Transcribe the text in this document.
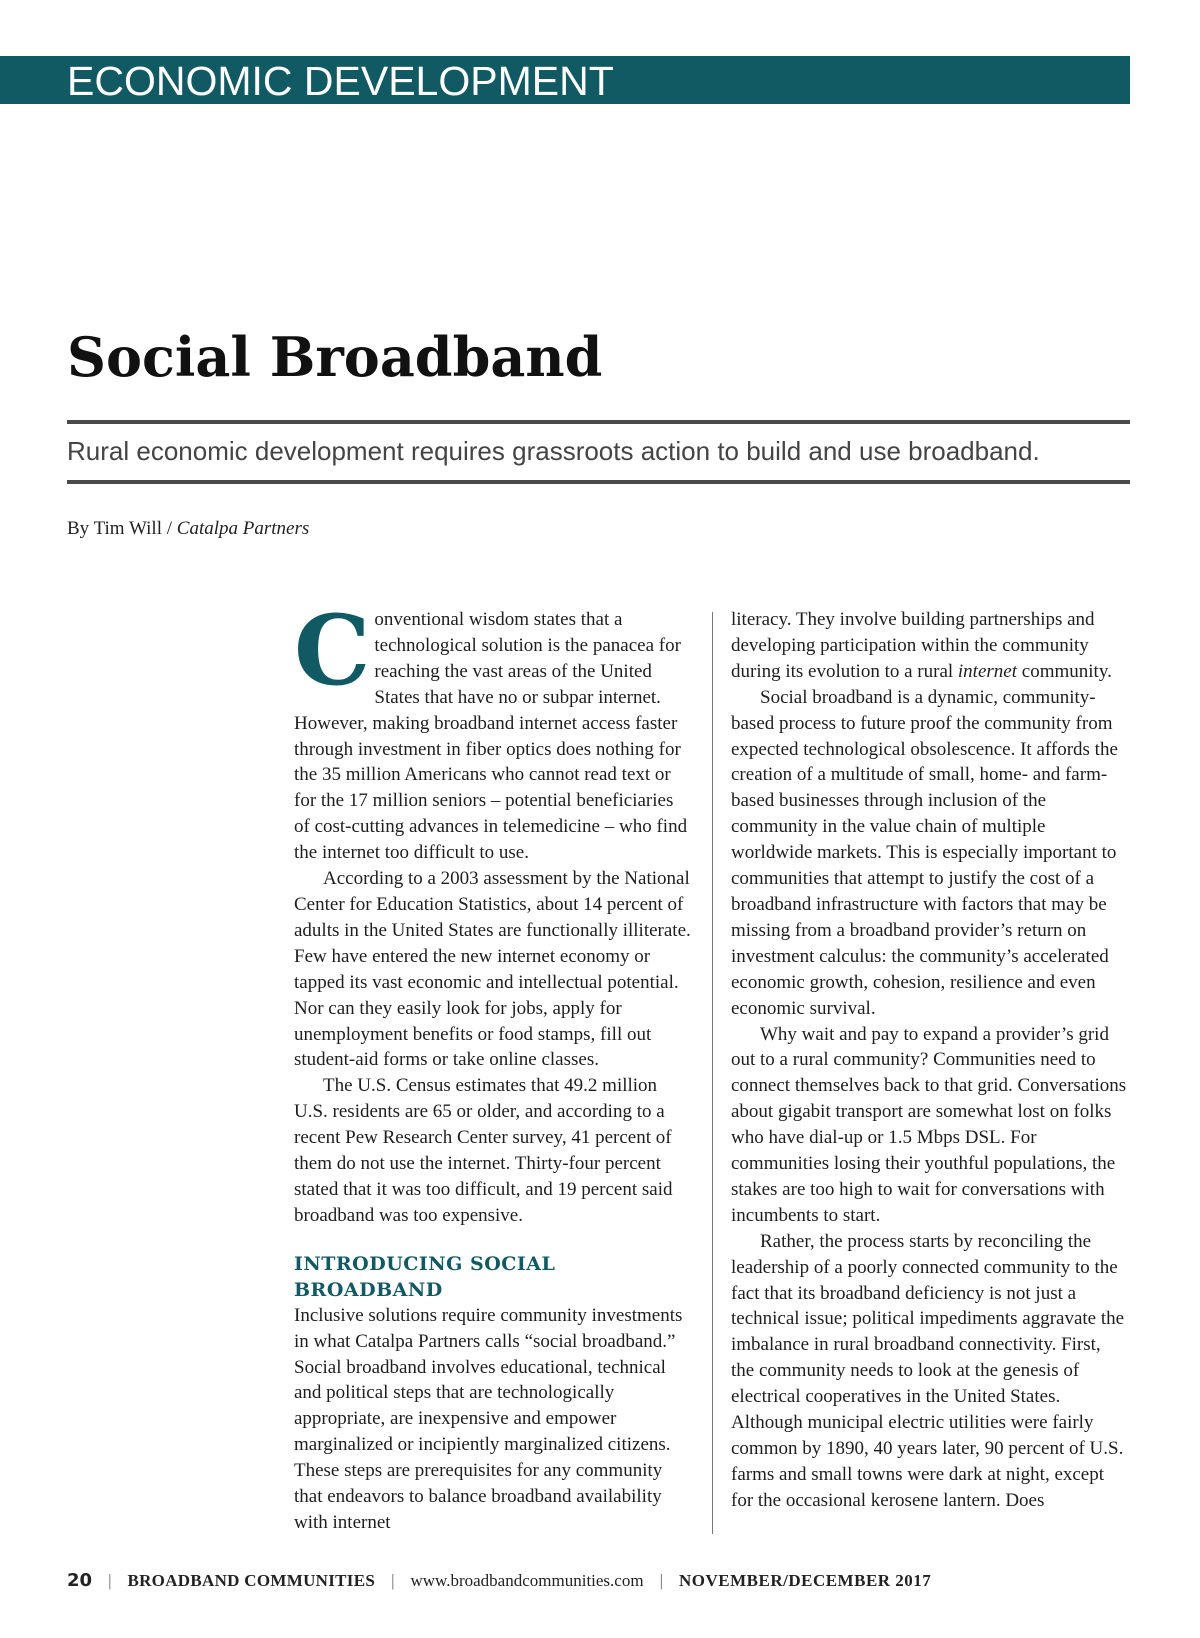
ECONOMIC DEVELOPMENT
Social Broadband
Rural economic development requires grassroots action to build and use broadband.
By Tim Will / Catalpa Partners

Conventional wisdom states that a technological solution is the panacea for reaching the vast areas of the United States that have no or subpar internet. However, making broadband internet access faster through investment in fiber optics does nothing for the 35 million Americans who cannot read text or for the 17 million seniors – potential beneficiaries of cost-cutting advances in telemedicine – who find the internet too difficult to use.

According to a 2003 assessment by the National Center for Education Statistics, about 14 percent of adults in the United States are functionally illiterate. Few have entered the new internet economy or tapped its vast economic and intellectual potential. Nor can they easily look for jobs, apply for unemployment benefits or food stamps, fill out student-aid forms or take online classes.

The U.S. Census estimates that 49.2 million U.S. residents are 65 or older, and according to a recent Pew Research Center survey, 41 percent of them do not use the internet. Thirty-four percent stated that it was too difficult, and 19 percent said broadband was too expensive.

INTRODUCING SOCIAL BROADBAND

Inclusive solutions require community investments in what Catalpa Partners calls “social broadband.” Social broadband involves educational, technical and political steps that are technologically appropriate, are inexpensive and empower marginalized or incipiently marginalized citizens. These steps are prerequisites for any community that endeavors to balance broadband availability with internet

literacy. They involve building partnerships and developing participation within the community during its evolution to a rural internet community.

Social broadband is a dynamic, community-based process to future proof the community from expected technological obsolescence. It affords the creation of a multitude of small, home- and farm-based businesses through inclusion of the community in the value chain of multiple worldwide markets. This is especially important to communities that attempt to justify the cost of a broadband infrastructure with factors that may be missing from a broadband provider’s return on investment calculus: the community’s accelerated economic growth, cohesion, resilience and even economic survival.

Why wait and pay to expand a provider’s grid out to a rural community? Communities need to connect themselves back to that grid. Conversations about gigabit transport are somewhat lost on folks who have dial-up or 1.5 Mbps DSL. For communities losing their youthful populations, the stakes are too high to wait for conversations with incumbents to start.

Rather, the process starts by reconciling the leadership of a poorly connected community to the fact that its broadband deficiency is not just a technical issue; political impediments aggravate the imbalance in rural broadband connectivity. First, the community needs to look at the genesis of electrical cooperatives in the United States. Although municipal electric utilities were fairly common by 1890, 40 years later, 90 percent of U.S. farms and small towns were dark at night, except for the occasional kerosene lantern. Does

20 | BROADBAND COMMUNITIES | www.broadbandcommunities.com | NOVEMBER/DECEMBER 2017
